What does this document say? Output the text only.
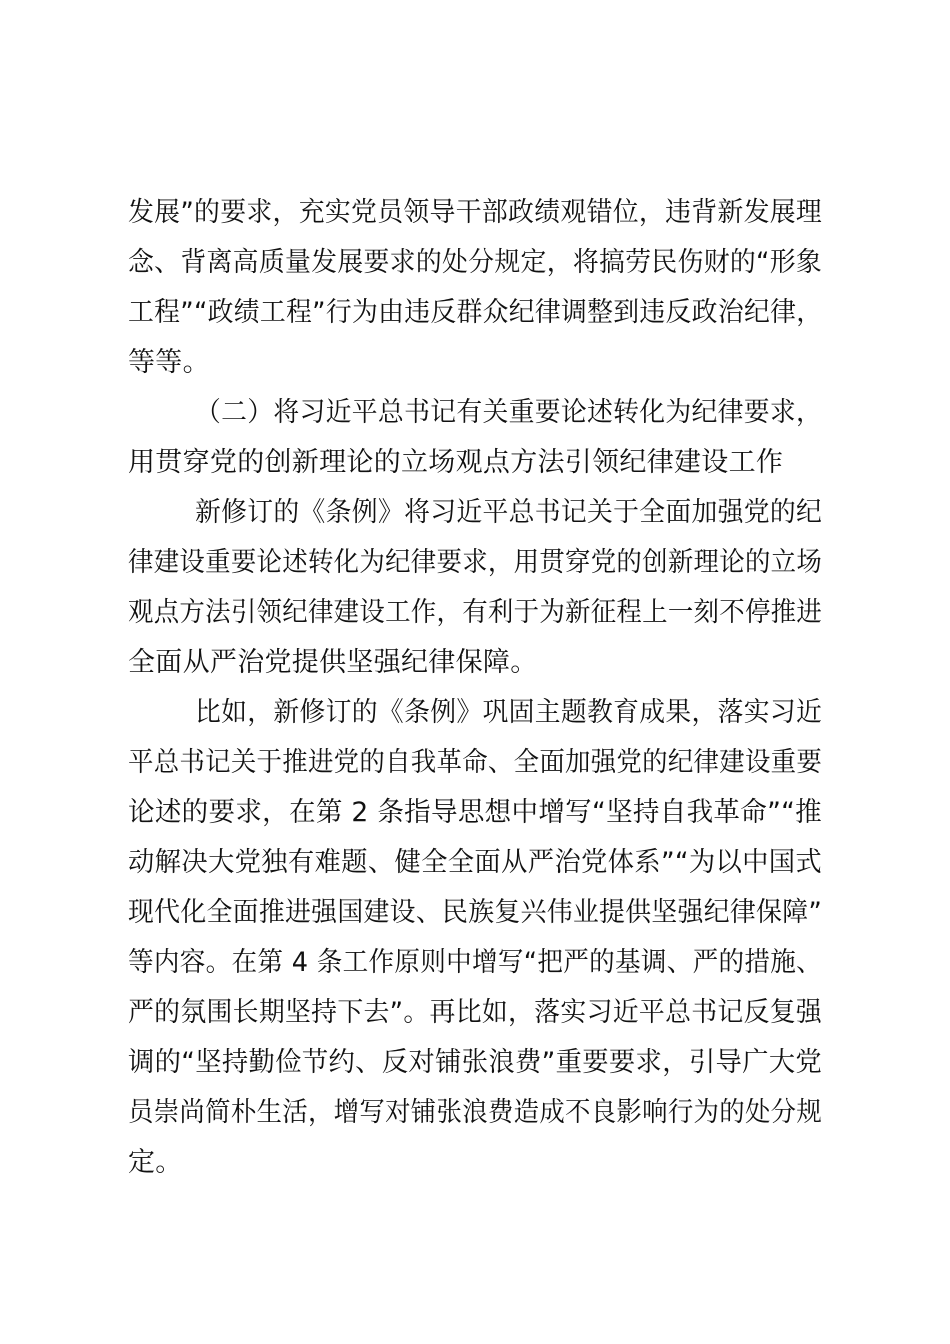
发展”的要求，充实党员领导干部政绩观错位，违背新发展理
念、背离高质量发展要求的处分规定，将搞劳民伤财的“形象
工程”“政绩工程”行为由违反群众纪律调整到违反政治纪律，
等等。
（二）将习近平总书记有关重要论述转化为纪律要求，
用贯穿党的创新理论的立场观点方法引领纪律建设工作
新修订的《条例》将习近平总书记关于全面加强党的纪
律建设重要论述转化为纪律要求，用贯穿党的创新理论的立场
观点方法引领纪律建设工作，有利于为新征程上一刻不停推进
全面从严治党提供坚强纪律保障。
比如，新修订的《条例》巩固主题教育成果，落实习近
平总书记关于推进党的自我革命、全面加强党的纪律建设重要
论述的要求，在第 2 条指导思想中增写“坚持自我革命”“推
动解决大党独有难题、健全全面从严治党体系”“为以中国式
现代化全面推进强国建设、民族复兴伟业提供坚强纪律保障”
等内容。在第 4 条工作原则中增写“把严的基调、严的措施、
严的氛围长期坚持下去”。再比如，落实习近平总书记反复强
调的“坚持勤俭节约、反对铺张浪费”重要要求，引导广大党
员崇尚简朴生活，增写对铺张浪费造成不良影响行为的处分规
定。
